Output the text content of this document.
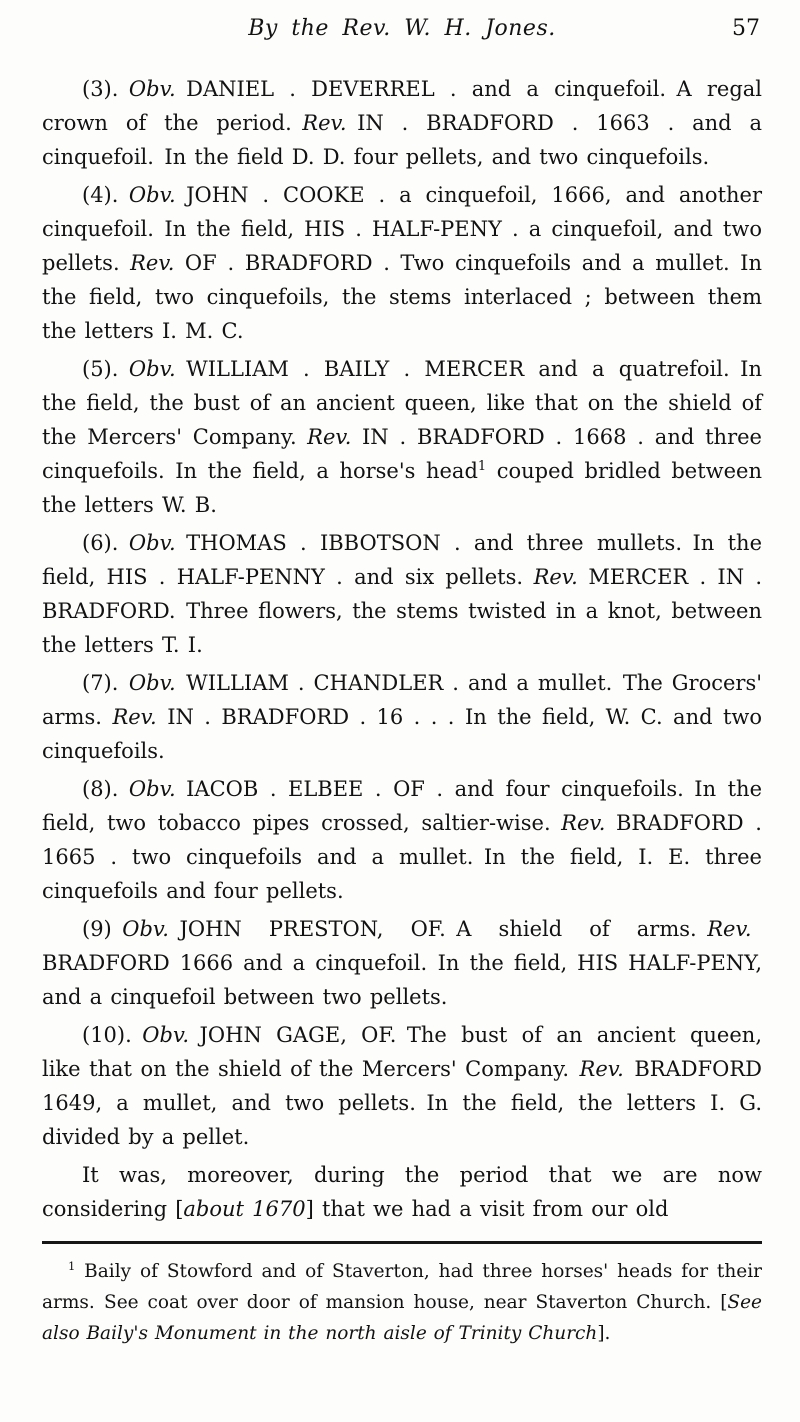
By the Rev. W. H. Jones.	57

(3). Obv. DANIEL . DEVERREL . and a cinquefoil. A regal crown of the period. Rev. IN . BRADFORD . 1663 . and a cinquefoil. In the field D. D. four pellets, and two cinquefoils.

(4). Obv. JOHN . COOKE . a cinquefoil, 1666, and another cinquefoil. In the field, HIS . HALF-PENY . a cinquefoil, and two pellets. Rev. OF . BRADFORD . Two cinquefoils and a mullet. In the field, two cinquefoils, the stems interlaced ; between them the letters I. M. C.

(5). Obv. WILLIAM . BAILY . MERCER and a quatrefoil. In the field, the bust of an ancient queen, like that on the shield of the Mercers' Company. Rev. IN . BRADFORD . 1668 . and three cinquefoils. In the field, a horse's head$^1$ couped bridled between the letters W. B.

(6). Obv. THOMAS . IBBOTSON . and three mullets. In the field, HIS . HALF-PENNY . and six pellets. Rev. MERCER . IN . BRADFORD. Three flowers, the stems twisted in a knot, between the letters T. I.

(7). Obv. WILLIAM . CHANDLER . and a mullet. The Grocers' arms. Rev. IN . BRADFORD . 16 . . . In the field, W. C. and two cinquefoils.

(8). Obv. IACOB . ELBEE . OF . and four cinquefoils. In the field, two tobacco pipes crossed, saltier-wise. Rev. BRADFORD . 1665 . two cinquefoils and a mullet. In the field, I. E. three cinquefoils and four pellets.

(9) Obv. JOHN PRESTON, OF. A shield of arms. Rev. BRADFORD 1666 and a cinquefoil. In the field, HIS HALF-PENY, and a cinquefoil between two pellets.

(10). Obv. JOHN GAGE, OF. The bust of an ancient queen, like that on the shield of the Mercers' Company. Rev. BRADFORD 1649, a mullet, and two pellets. In the field, the letters I. G. divided by a pellet.

It was, moreover, during the period that we are now considering [about 1670] that we had a visit from our old

$^1$ Baily of Stowford and of Staverton, had three horses' heads for their arms. See coat over door of mansion house, near Staverton Church. [See also Baily's Monument in the north aisle of Trinity Church].
